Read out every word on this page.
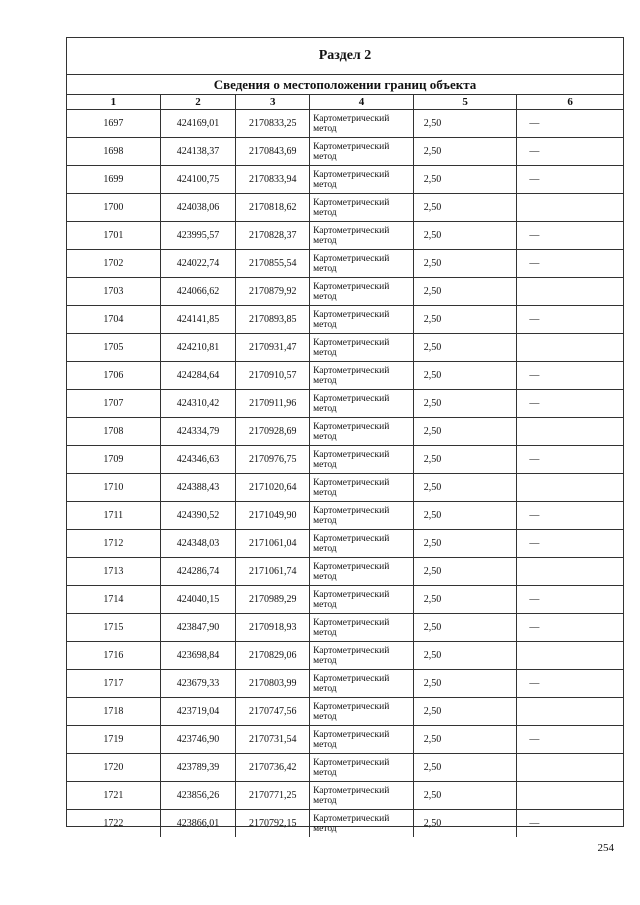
Раздел 2
Сведения о местоположении границ объекта
1	2	3	4	5	6
1697	424169,01	2170833,25	Картометрический метод	2,50	—
1698	424138,37	2170843,69	Картометрический метод	2,50	—
1699	424100,75	2170833,94	Картометрический метод	2,50	—
1700	424038,06	2170818,62	Картометрический метод	2,50
1701	423995,57	2170828,37	Картометрический метод	2,50	—
1702	424022,74	2170855,54	Картометрический метод	2,50	—
1703	424066,62	2170879,92	Картометрический метод	2,50
1704	424141,85	2170893,85	Картометрический метод	2,50	—
1705	424210,81	2170931,47	Картометрический метод	2,50
1706	424284,64	2170910,57	Картометрический метод	2,50	—
1707	424310,42	2170911,96	Картометрический метод	2,50	—
1708	424334,79	2170928,69	Картометрический метод	2,50
1709	424346,63	2170976,75	Картометрический метод	2,50	—
1710	424388,43	2171020,64	Картометрический метод	2,50
1711	424390,52	2171049,90	Картометрический метод	2,50	—
1712	424348,03	2171061,04	Картометрический метод	2,50	—
1713	424286,74	2171061,74	Картометрический метод	2,50
1714	424040,15	2170989,29	Картометрический метод	2,50	—
1715	423847,90	2170918,93	Картометрический метод	2,50	—
1716	423698,84	2170829,06	Картометрический метод	2,50
1717	423679,33	2170803,99	Картометрический метод	2,50	—
1718	423719,04	2170747,56	Картометрический метод	2,50
1719	423746,90	2170731,54	Картометрический метод	2,50	—
1720	423789,39	2170736,42	Картометрический метод	2,50
1721	423856,26	2170771,25	Картометрический метод	2,50
1722	423866,01	2170792,15	Картометрический метод	2,50	—
254
